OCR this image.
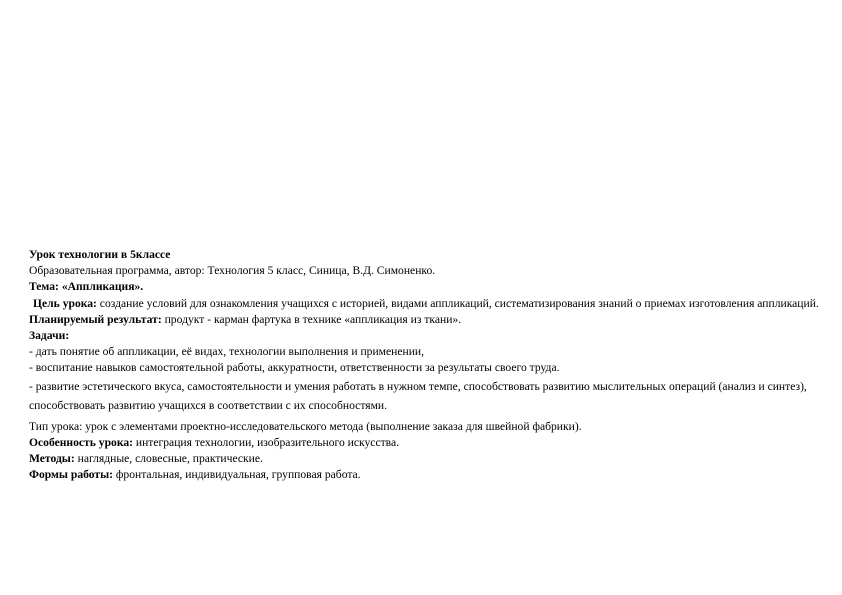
Урок технологии в 5классе
Образовательная программа, автор: Технология 5 класс, Синица, В.Д. Симоненко.
Тема: «Аппликация».
Цель урока: создание условий для ознакомления учащихся с историей, видами аппликаций, систематизирования знаний о приемах изготовления аппликаций.
Планируемый результат: продукт - карман фартука в технике «аппликация из ткани».
Задачи:
- дать понятие об аппликации, её видах, технологии выполнения и применении,
- воспитание навыков самостоятельной работы, аккуратности, ответственности за результаты своего труда.
- развитие эстетического вкуса, самостоятельности и умения работать в нужном темпе, способствовать развитию мыслительных операций (анализ и синтез), способствовать развитию учащихся в соответствии с их способностями.
Тип урока: урок с элементами проектно-исследовательского метода (выполнение заказа для швейной фабрики).
Особенность урока: интеграция технологии, изобразительного искусства.
Методы: наглядные, словесные, практические.
Формы работы: фронтальная, индивидуальная, групповая работа.
